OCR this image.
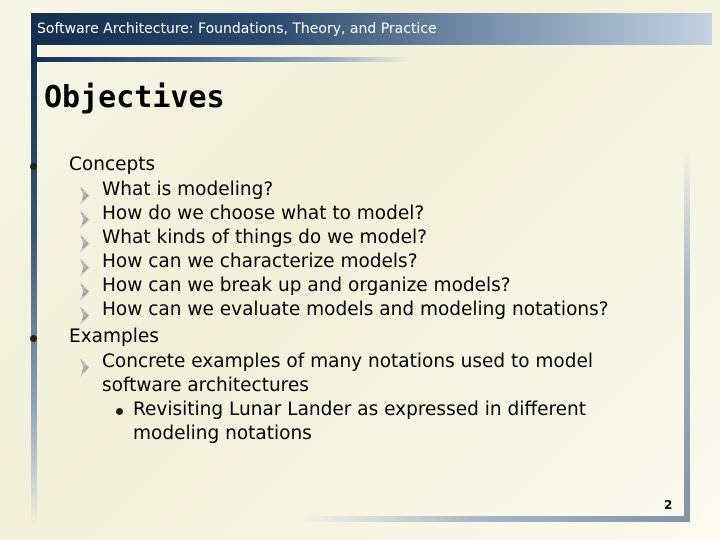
Software Architecture: Foundations, Theory, and Practice
Objectives
Concepts
What is modeling?
How do we choose what to model?
What kinds of things do we model?
How can we characterize models?
How can we break up and organize models?
How can we evaluate models and modeling notations?
Examples
Concrete examples of many notations used to model software architectures
Revisiting Lunar Lander as expressed in different modeling notations
2
